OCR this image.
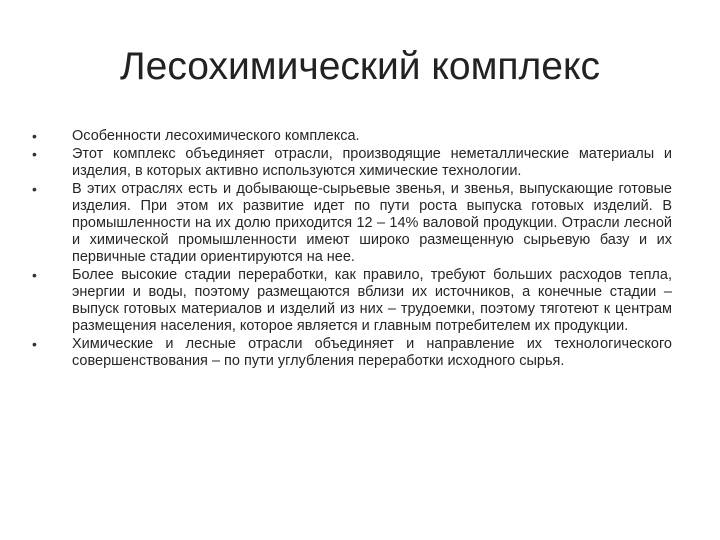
Лесохимический комплекс
• Особенности лесохимического комплекса.
• Этот комплекс объединяет отрасли, производящие неметаллические материалы и изделия, в которых активно используются химические технологии.
• В этих отраслях есть и добывающе-сырьевые звенья, и звенья, выпускающие готовые изделия. При этом их развитие идет по пути роста выпуска готовых изделий. В промышленности на их долю приходится 12 – 14% валовой продукции. Отрасли лесной и химической промышленности имеют широко размещенную сырьевую базу и их первичные стадии ориентируются на нее.
• Более высокие стадии переработки, как правило, требуют больших расходов тепла, энергии и воды, поэтому размещаются вблизи их источников, а конечные стадии – выпуск готовых материалов и изделий из них – трудоемки, поэтому тяготеют к центрам размещения населения, которое является и главным потребителем их продукции.
• Химические и лесные отрасли объединяет и направление их технологического совершенствования – по пути углубления переработки исходного сырья.
